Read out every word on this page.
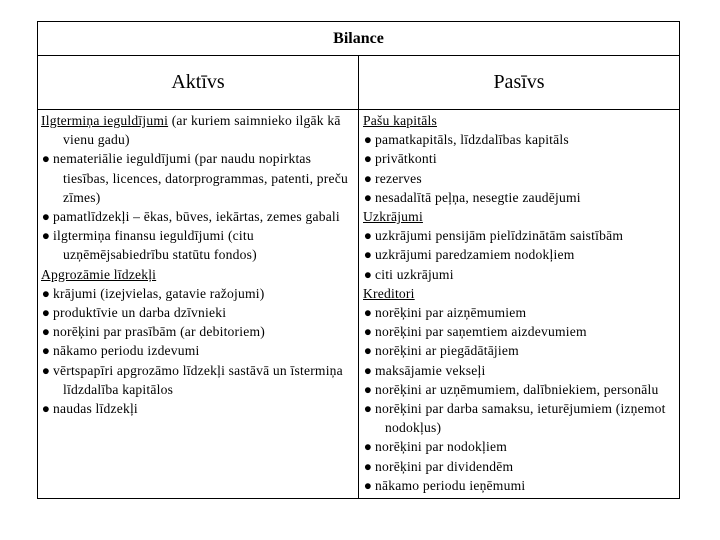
Bilance
Aktīvs	Pasīvs
Ilgtermiņa ieguldījumi (ar kuriem saimnieko ilgāk kā vienu gadu)
● nemateriālie ieguldījumi (par naudu nopirktas tiesības, licences, datorprogrammas, patenti, preču zīmes)
● pamatlīdzekļi – ēkas, būves, iekārtas, zemes gabali
● ilgtermiņa finansu ieguldījumi (citu uzņēmējsabiedrību statūtu fondos)
Apgrozāmie līdzekļi
● krājumi (izejvielas, gatavie ražojumi)
● produktīvie un darba dzīvnieki
● norēķini par prasībām (ar debitoriem)
● nākamo periodu izdevumi
● vērtspapīri apgrozāmo līdzekļi sastāvā un īstermiņa līdzdalība kapitālos
● naudas līdzekļi
Pašu kapitāls
● pamatkapitāls, līdzdalības kapitāls
● privātkonti
● rezerves
● nesadalītā peļņa, nesegtie zaudējumi
Uzkrājumi
● uzkrājumi pensijām pielīdzinātām saistībām
● uzkrājumi paredzamiem nodokļiem
● citi uzkrājumi
Kreditori
● norēķini par aizņēmumiem
● norēķini par saņemtiem aizdevumiem
● norēķini ar piegādātājiem
● maksājamie vekseļi
● norēķini ar uzņēmumiem, dalībniekiem, personālu
● norēķini par darba samaksu, ieturējumiem (izņemot nodokļus)
● norēķini par nodokļiem
● norēķini par dividendēm
● nākamo periodu ieņēmumi
